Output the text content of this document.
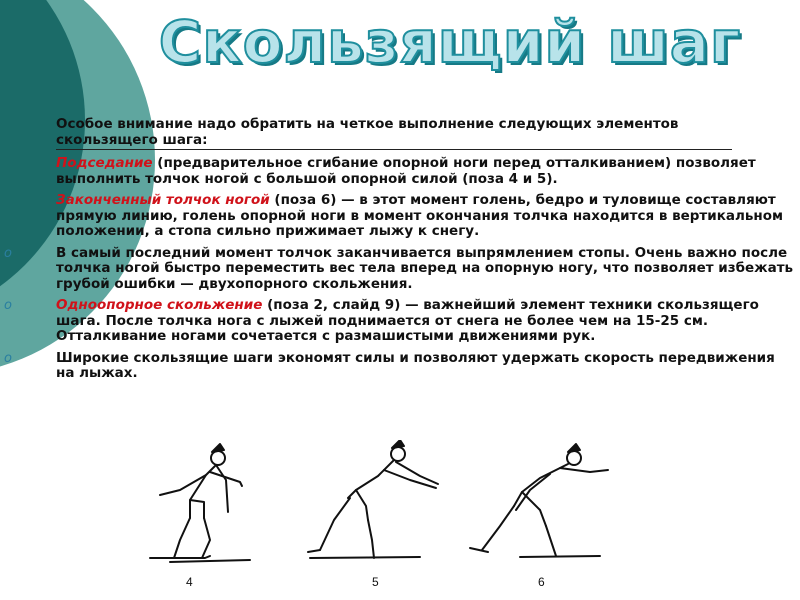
Скользящий шаг
Особое внимание надо обратить на четкое выполнение следующих элементов скользящего шага:
Подседание (предварительное сгибание опорной ноги перед отталкиванием) позволяет выполнить толчок ногой с большой опорной силой (поза 4 и 5).
Законченный толчок ногой (поза 6) — в этот момент голень, бедро и туловище составляют прямую линию, голень опорной ноги в момент окончания толчка находится в вертикальном положении, а стопа сильно прижимает лыжу к снегу.
o	В самый последний момент толчок заканчивается выпрямлением стопы. Очень важно после толчка ногой быстро переместить вес тела вперед на опорную ногу, что позволяет избежать грубой ошибки — двухопорного скольжения.
o	Одноопорное скольжение (поза 2, слайд 9) — важнейший элемент техники скользящего шага. После толчка нога с лыжей поднимается от снега не более чем на 15-25 см. Отталкивание ногами сочетается с размашистыми движениями рук.
o	Широкие скользящие шаги экономят силы и позволяют удержать скорость передвижения на лыжах.
4	5	6
